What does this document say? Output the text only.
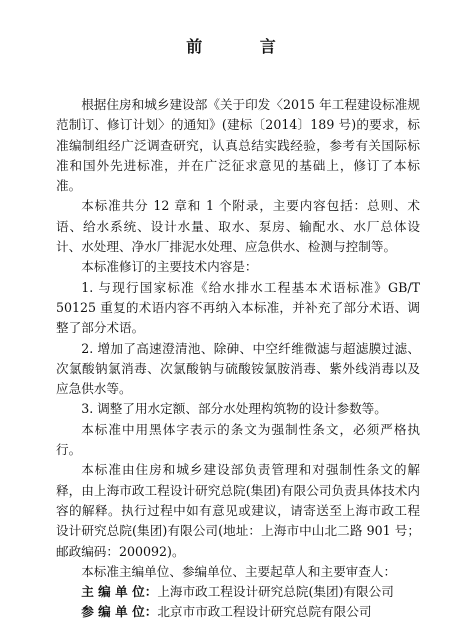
前 言

根据住房和城乡建设部《关于印发〈2015 年工程建设标准规范制订、修订计划〉的通知》(建标〔2014〕189 号)的要求，标准编制组经广泛调查研究，认真总结实践经验，参考有关国际标准和国外先进标准，并在广泛征求意见的基础上，修订了本标准。

本标准共分 12 章和 1 个附录，主要内容包括：总则、术语、给水系统、设计水量、取水、泵房、输配水、水厂总体设计、水处理、净水厂排泥水处理、应急供水、检测与控制等。

本标准修订的主要技术内容是：

1. 与现行国家标准《给水排水工程基本术语标准》GB/T 50125 重复的术语内容不再纳入本标准，并补充了部分术语、调整了部分术语。

2. 增加了高速澄清池、除砷、中空纤维微滤与超滤膜过滤、次氯酸钠氯消毒、次氯酸钠与硫酸铵氯胺消毒、紫外线消毒以及应急供水等。

3. 调整了用水定额、部分水处理构筑物的设计参数等。

本标准中用黑体字表示的条文为强制性条文，必须严格执行。

本标准由住房和城乡建设部负责管理和对强制性条文的解释，由上海市政工程设计研究总院(集团)有限公司负责具体技术内容的解释。执行过程中如有意见或建议，请寄送至上海市政工程设计研究总院(集团)有限公司(地址：上海市中山北二路 901 号；邮政编码：200092)。

本标准主编单位、参编单位、主要起草人和主要审查人：

主 编 单 位：上海市政工程设计研究总院(集团)有限公司

参 编 单 位：北京市市政工程设计研究总院有限公司
